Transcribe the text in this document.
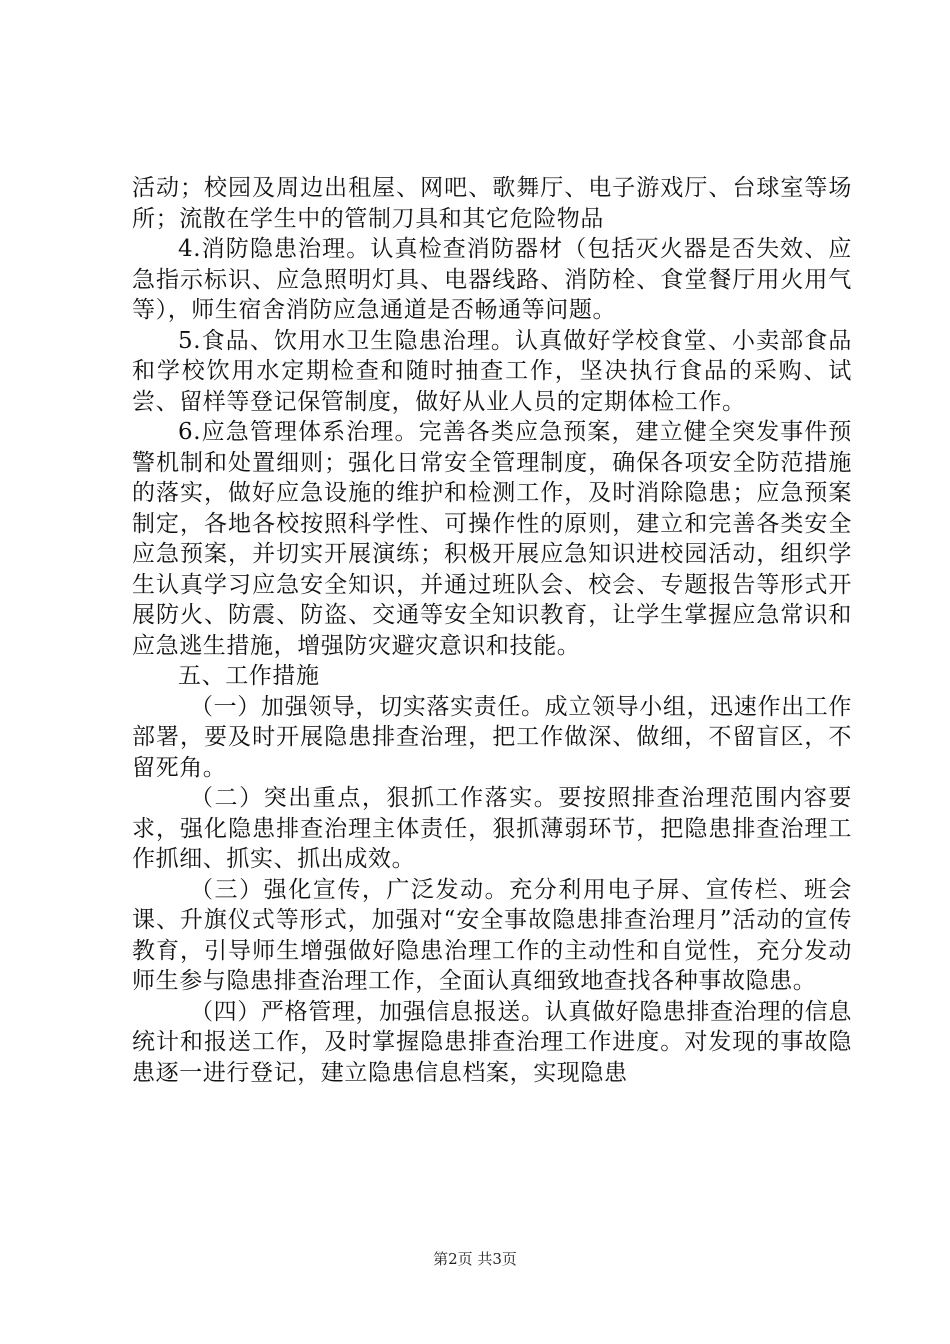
活动；校园及周边出租屋、网吧、歌舞厅、电子游戏厅、台球室等场所；流散在学生中的管制刀具和其它危险物品

4.消防隐患治理。认真检查消防器材（包括灭火器是否失效、应急指示标识、应急照明灯具、电器线路、消防栓、食堂餐厅用火用气等），师生宿舍消防应急通道是否畅通等问题。

5.食品、饮用水卫生隐患治理。认真做好学校食堂、小卖部食品和学校饮用水定期检查和随时抽查工作，坚决执行食品的采购、试尝、留样等登记保管制度，做好从业人员的定期体检工作。

6.应急管理体系治理。完善各类应急预案，建立健全突发事件预警机制和处置细则；强化日常安全管理制度，确保各项安全防范措施的落实，做好应急设施的维护和检测工作，及时消除隐患；应急预案制定，各地各校按照科学性、可操作性的原则，建立和完善各类安全应急预案，并切实开展演练；积极开展应急知识进校园活动，组织学生认真学习应急安全知识，并通过班队会、校会、专题报告等形式开展防火、防震、防盗、交通等安全知识教育，让学生掌握应急常识和应急逃生措施，增强防灾避灾意识和技能。

五、工作措施

（一）加强领导，切实落实责任。成立领导小组，迅速作出工作部署，要及时开展隐患排查治理，把工作做深、做细，不留盲区，不留死角。

（二）突出重点，狠抓工作落实。要按照排查治理范围内容要求，强化隐患排查治理主体责任，狠抓薄弱环节，把隐患排查治理工作抓细、抓实、抓出成效。

（三）强化宣传，广泛发动。充分利用电子屏、宣传栏、班会课、升旗仪式等形式，加强对“安全事故隐患排查治理月”活动的宣传教育，引导师生增强做好隐患治理工作的主动性和自觉性，充分发动师生参与隐患排查治理工作，全面认真细致地查找各种事故隐患。

（四）严格管理，加强信息报送。认真做好隐患排查治理的信息统计和报送工作，及时掌握隐患排查治理工作进度。对发现的事故隐患逐一进行登记，建立隐患信息档案，实现隐患

第2页 共3页
